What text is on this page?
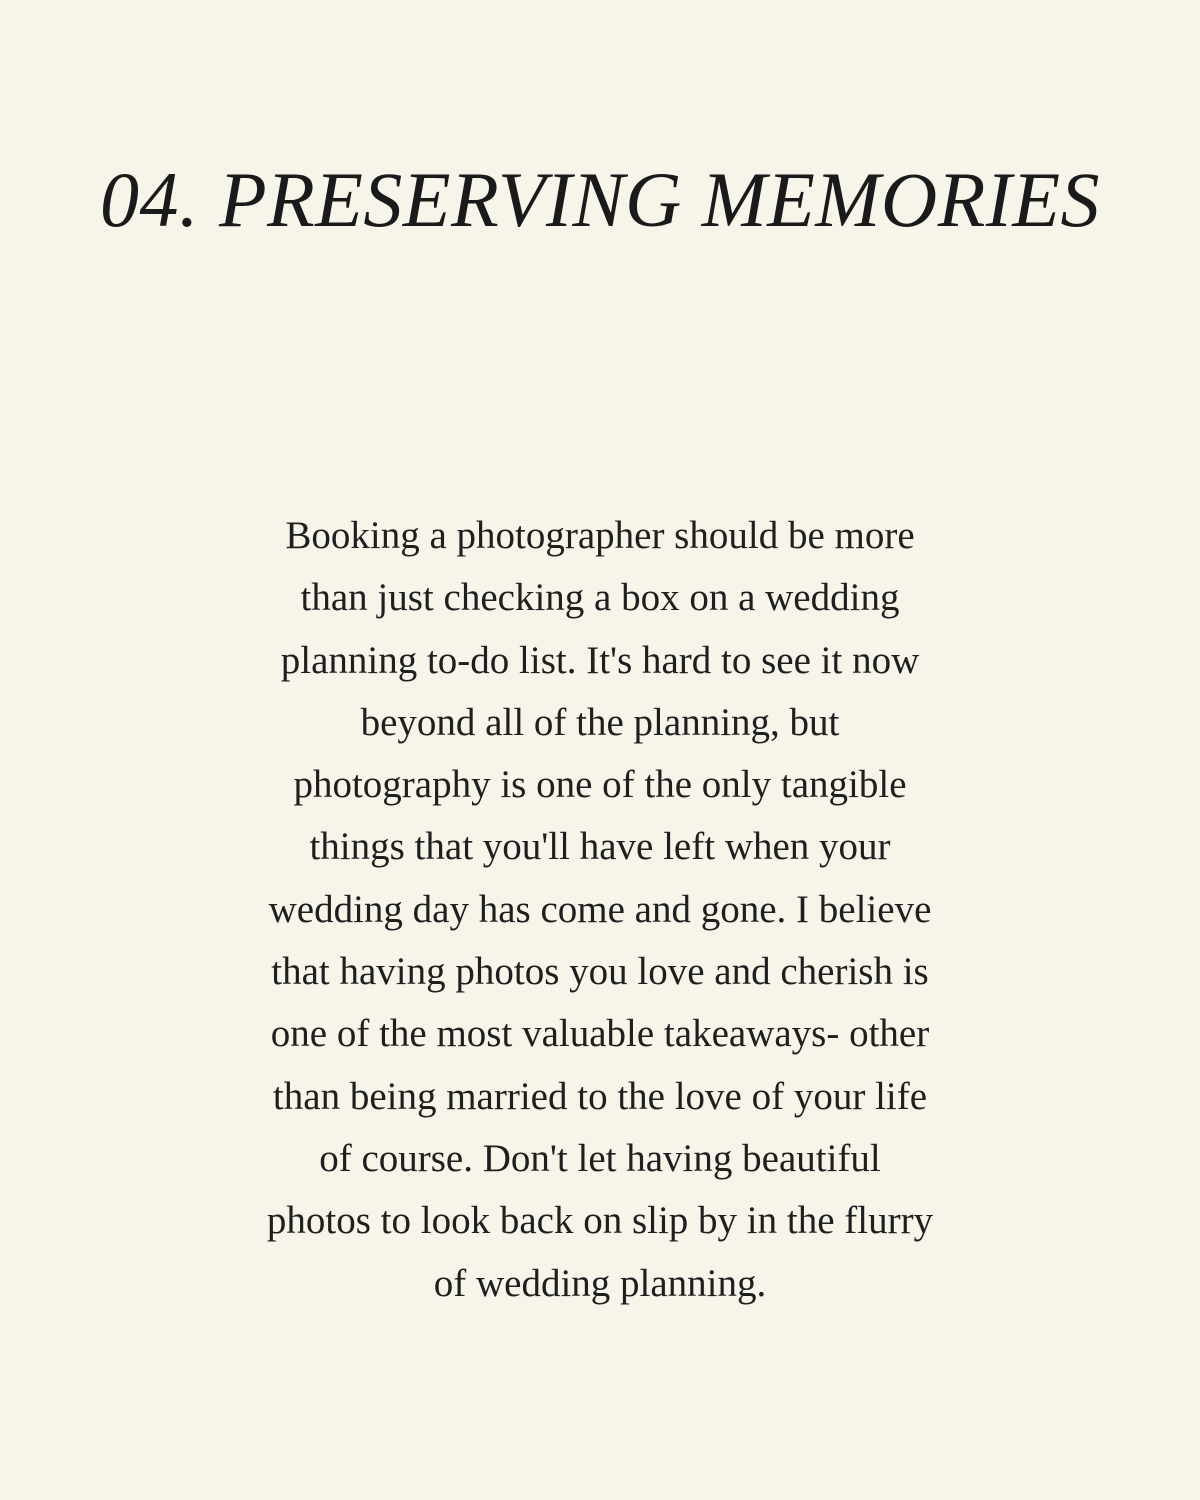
04. PRESERVING MEMORIES
Booking a photographer should be more
than just checking a box on a wedding
planning to-do list. It's hard to see it now
beyond all of the planning, but
photography is one of the only tangible
things that you'll have left when your
wedding day has come and gone. I believe
that having photos you love and cherish is
one of the most valuable takeaways- other
than being married to the love of your life
of course. Don't let having beautiful
photos to look back on slip by in the flurry
of wedding planning.
